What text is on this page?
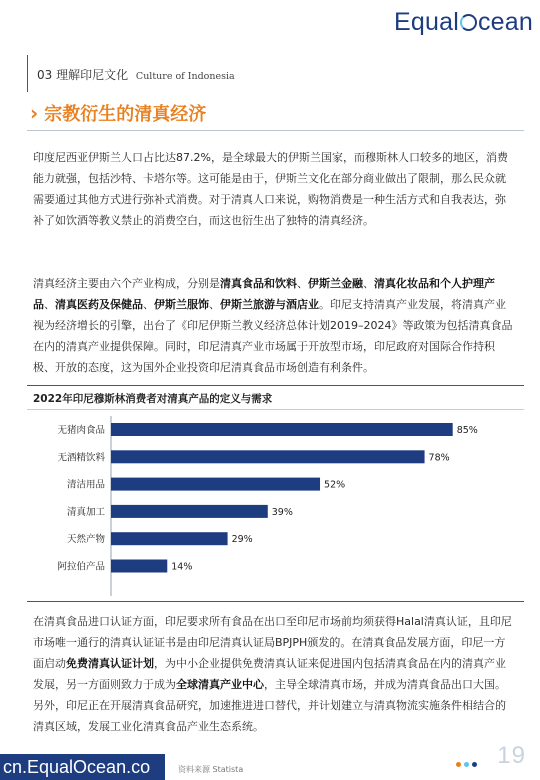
Equal cean
03 理解印尼文化 Culture of Indonesia
› 宗教衍生的清真经济
印度尼西亚伊斯兰人口占比达87.2%，是全球最大的伊斯兰国家，而穆斯林人口较多的地区，消费能力就强，包括沙特、卡塔尔等。这可能是由于，伊斯兰文化在部分商业做出了限制，那么民众就需要通过其他方式进行弥补式消费。对于清真人口来说，购物消费是一种生活方式和自我表达，弥补了如饮酒等教义禁止的消费空白，而这也衍生出了独特的清真经济。
清真经济主要由六个产业构成，分别是清真食品和饮料、伊斯兰金融、清真化妆品和个人护理产品、清真医药及保健品、伊斯兰服饰、伊斯兰旅游与酒店业。印尼支持清真产业发展，将清真产业视为经济增长的引擎，出台了《印尼伊斯兰教义经济总体计划2019–2024》等政策为包括清真食品在内的清真产业提供保障。同时，印尼清真产业市场属于开放型市场，印尼政府对国际合作持积极、开放的态度，这为国外企业投资印尼清真食品市场创造有利条件。
2022年印尼穆斯林消费者对清真产品的定义与需求
无猪肉食品	85%
无酒精饮料	78%
清洁用品	52%
清真加工	39%
天然产物	29%
阿拉伯产品	14%
在清真食品进口认证方面，印尼要求所有食品在出口至印尼市场前均须获得Halal清真认证，且印尼市场唯一通行的清真认证证书是由印尼清真认证局BPJPH颁发的。在清真食品发展方面，印尼一方面启动免费清真认证计划，为中小企业提供免费清真认证来促进国内包括清真食品在内的清真产业发展，另一方面则致力于成为全球清真产业中心，主导全球清真市场，并成为清真食品出口大国。另外，印尼正在开展清真食品研究，加速推进进口替代，并计划建立与清真物流实施条件相结合的清真区域，发展工业化清真食品产业生态系统。
cn.EqualOcean.co	资料来源 Statista
19
